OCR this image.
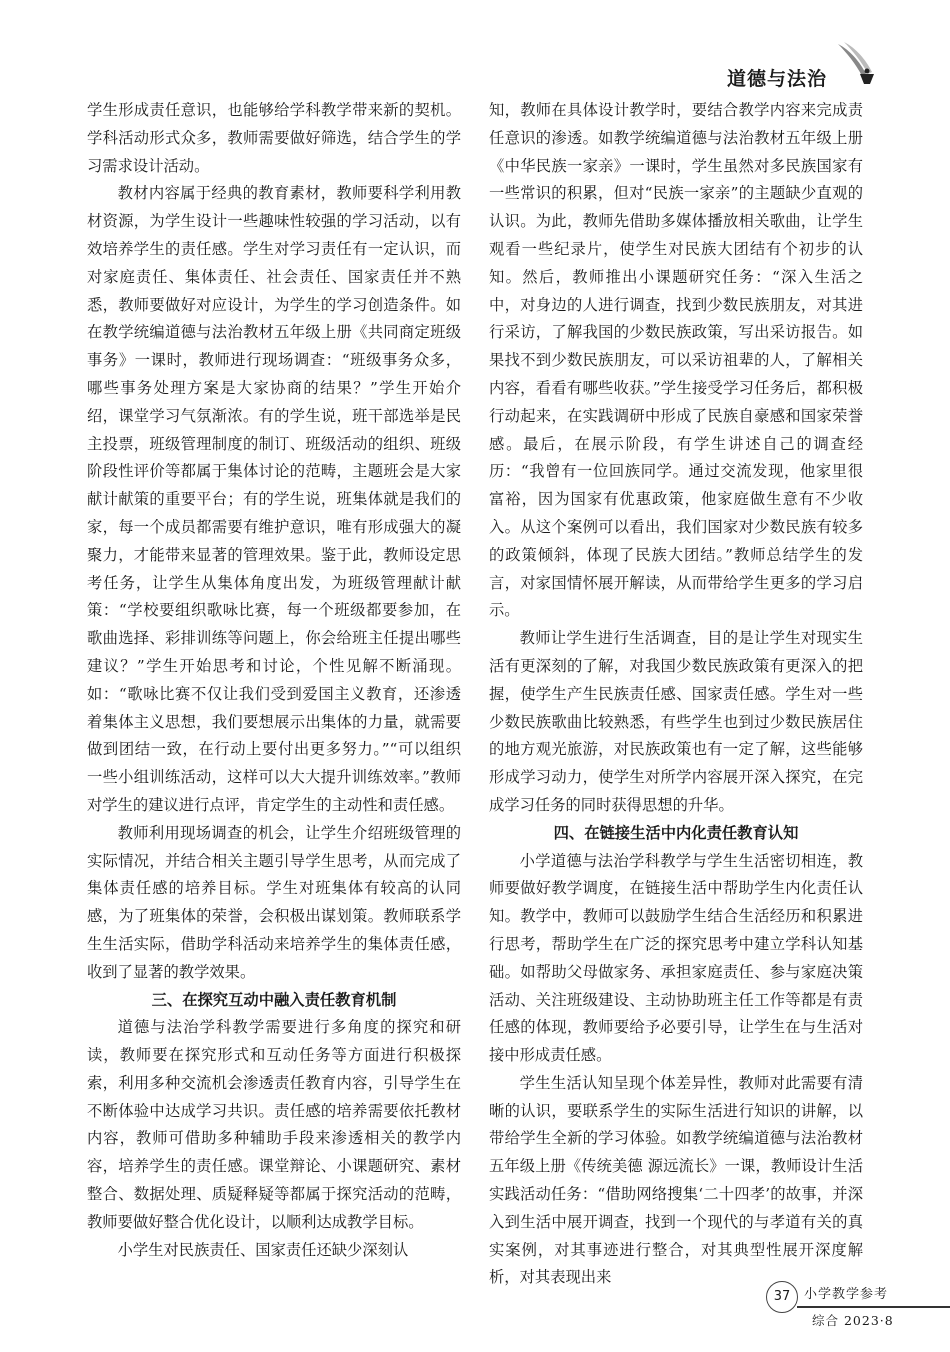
道德与法治

学生形成责任意识，也能够给学科教学带来新的契机。学科活动形式众多，教师需要做好筛选，结合学生的学习需求设计活动。

教材内容属于经典的教育素材，教师要科学利用教材资源，为学生设计一些趣味性较强的学习活动，以有效培养学生的责任感。学生对学习责任有一定认识，而对家庭责任、集体责任、社会责任、国家责任并不熟悉，教师要做好对应设计，为学生的学习创造条件。如在教学统编道德与法治教材五年级上册《共同商定班级事务》一课时，教师进行现场调查：“班级事务众多，哪些事务处理方案是大家协商的结果？”学生开始介绍，课堂学习气氛渐浓。有的学生说，班干部选举是民主投票，班级管理制度的制订、班级活动的组织、班级阶段性评价等都属于集体讨论的范畴，主题班会是大家献计献策的重要平台；有的学生说，班集体就是我们的家，每一个成员都需要有维护意识，唯有形成强大的凝聚力，才能带来显著的管理效果。鉴于此，教师设定思考任务，让学生从集体角度出发，为班级管理献计献策：“学校要组织歌咏比赛，每一个班级都要参加，在歌曲选择、彩排训练等问题上，你会给班主任提出哪些建议？”学生开始思考和讨论，个性见解不断涌现。如：“歌咏比赛不仅让我们受到爱国主义教育，还渗透着集体主义思想，我们要想展示出集体的力量，就需要做到团结一致，在行动上要付出更多努力。”“可以组织一些小组训练活动，这样可以大大提升训练效率。”教师对学生的建议进行点评，肯定学生的主动性和责任感。

教师利用现场调查的机会，让学生介绍班级管理的实际情况，并结合相关主题引导学生思考，从而完成了集体责任感的培养目标。学生对班集体有较高的认同感，为了班集体的荣誉，会积极出谋划策。教师联系学生生活实际，借助学科活动来培养学生的集体责任感，收到了显著的教学效果。

三、在探究互动中融入责任教育机制

道德与法治学科教学需要进行多角度的探究和研读，教师要在探究形式和互动任务等方面进行积极探索，利用多种交流机会渗透责任教育内容，引导学生在不断体验中达成学习共识。责任感的培养需要依托教材内容，教师可借助多种辅助手段来渗透相关的教学内容，培养学生的责任感。课堂辩论、小课题研究、素材整合、数据处理、质疑释疑等都属于探究活动的范畴，教师要做好整合优化设计，以顺利达成教学目标。

小学生对民族责任、国家责任还缺少深刻认

知，教师在具体设计教学时，要结合教学内容来完成责任意识的渗透。如教学统编道德与法治教材五年级上册《中华民族一家亲》一课时，学生虽然对多民族国家有一些常识的积累，但对“民族一家亲”的主题缺少直观的认识。为此，教师先借助多媒体播放相关歌曲，让学生观看一些纪录片，使学生对民族大团结有个初步的认知。然后，教师推出小课题研究任务：“深入生活之中，对身边的人进行调查，找到少数民族朋友，对其进行采访，了解我国的少数民族政策，写出采访报告。如果找不到少数民族朋友，可以采访祖辈的人，了解相关内容，看看有哪些收获。”学生接受学习任务后，都积极行动起来，在实践调研中形成了民族自豪感和国家荣誉感。最后，在展示阶段，有学生讲述自己的调查经历：“我曾有一位回族同学。通过交流发现，他家里很富裕，因为国家有优惠政策，他家庭做生意有不少收入。从这个案例可以看出，我们国家对少数民族有较多的政策倾斜，体现了民族大团结。”教师总结学生的发言，对家国情怀展开解读，从而带给学生更多的学习启示。

教师让学生进行生活调查，目的是让学生对现实生活有更深刻的了解，对我国少数民族政策有更深入的把握，使学生产生民族责任感、国家责任感。学生对一些少数民族歌曲比较熟悉，有些学生也到过少数民族居住的地方观光旅游，对民族政策也有一定了解，这些能够形成学习动力，使学生对所学内容展开深入探究，在完成学习任务的同时获得思想的升华。

四、在链接生活中内化责任教育认知

小学道德与法治学科教学与学生生活密切相连，教师要做好教学调度，在链接生活中帮助学生内化责任认知。教学中，教师可以鼓励学生结合生活经历和积累进行思考，帮助学生在广泛的探究思考中建立学科认知基础。如帮助父母做家务、承担家庭责任、参与家庭决策活动、关注班级建设、主动协助班主任工作等都是有责任感的体现，教师要给予必要引导，让学生在与生活对接中形成责任感。

学生生活认知呈现个体差异性，教师对此需要有清晰的认识，要联系学生的实际生活进行知识的讲解，以带给学生全新的学习体验。如教学统编道德与法治教材五年级上册《传统美德 源远流长》一课，教师设计生活实践活动任务：“借助网络搜集‘二十四孝’的故事，并深入到生活中展开调查，找到一个现代的与孝道有关的真实案例，对其事迹进行整合，对其典型性展开深度解析，对其表现出来

37	小学教学参考
综合 2023·8
